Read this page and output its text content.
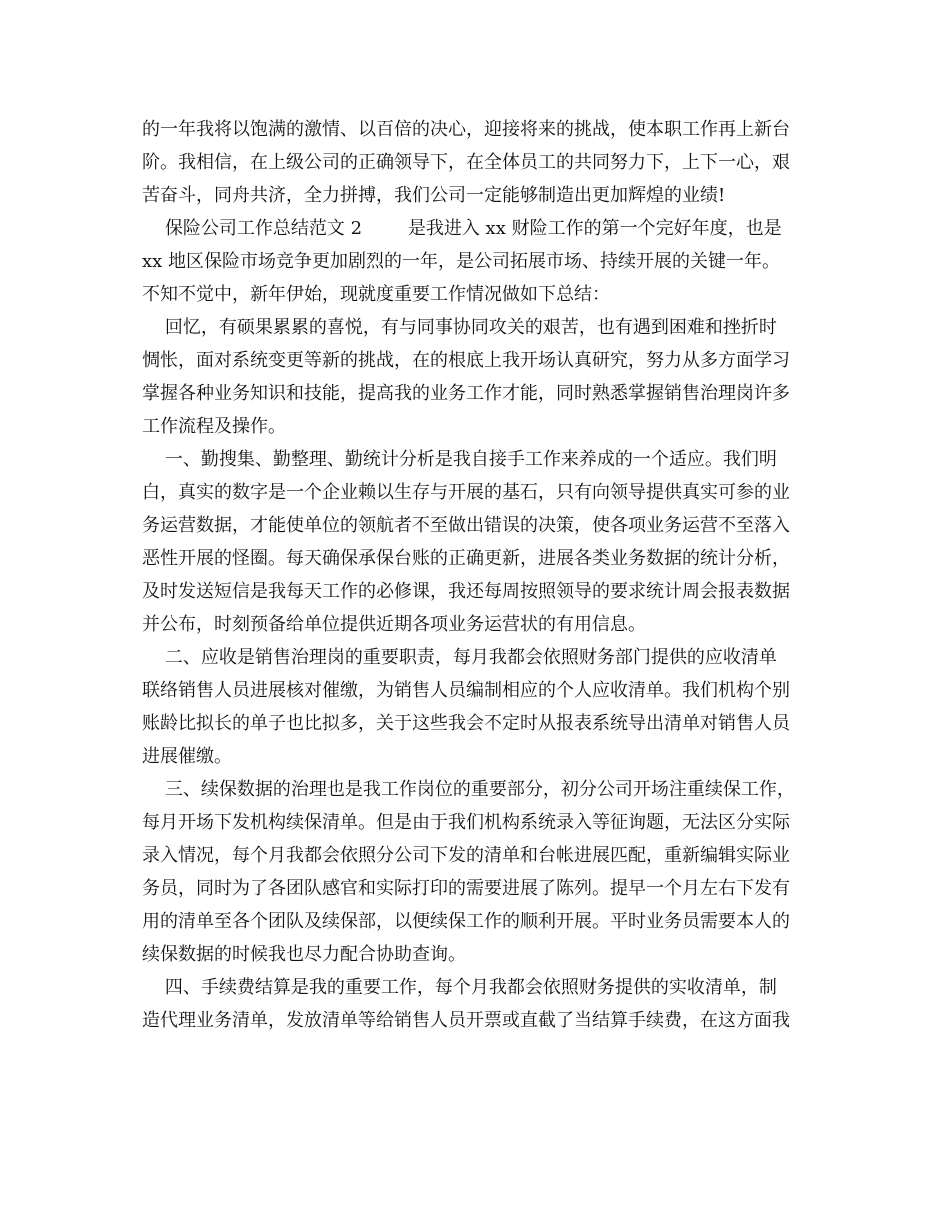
的一年我将以饱满的激情、以百倍的决心，迎接将来的挑战，使本职工作再上新台
阶。我相信，在上级公司的正确领导下，在全体员工的共同努力下，上下一心，艰
苦奋斗，同舟共济，全力拼搏，我们公司一定能够制造出更加辉煌的业绩!
保险公司工作总结范文 2        是我进入 xx 财险工作的第一个完好年度，也是
xx 地区保险市场竞争更加剧烈的一年，是公司拓展市场、持续开展的关键一年。
不知不觉中，新年伊始，现就度重要工作情况做如下总结：
回忆，有硕果累累的喜悦，有与同事协同攻关的艰苦，也有遇到困难和挫折时
惆怅，面对系统变更等新的挑战，在的根底上我开场认真研究，努力从多方面学习
掌握各种业务知识和技能，提高我的业务工作才能，同时熟悉掌握销售治理岗许多
工作流程及操作。
一、勤搜集、勤整理、勤统计分析是我自接手工作来养成的一个适应。我们明
白，真实的数字是一个企业赖以生存与开展的基石，只有向领导提供真实可参的业
务运营数据，才能使单位的领航者不至做出错误的决策，使各项业务运营不至落入
恶性开展的怪圈。每天确保承保台账的正确更新，进展各类业务数据的统计分析，
及时发送短信是我每天工作的必修课，我还每周按照领导的要求统计周会报表数据
并公布，时刻预备给单位提供近期各项业务运营状的有用信息。
二、应收是销售治理岗的重要职责，每月我都会依照财务部门提供的应收清单
联络销售人员进展核对催缴，为销售人员编制相应的个人应收清单。我们机构个别
账龄比拟长的单子也比拟多，关于这些我会不定时从报表系统导出清单对销售人员
进展催缴。
三、续保数据的治理也是我工作岗位的重要部分，初分公司开场注重续保工作，
每月开场下发机构续保清单。但是由于我们机构系统录入等征询题，无法区分实际
录入情况，每个月我都会依照分公司下发的清单和台帐进展匹配，重新编辑实际业
务员，同时为了各团队感官和实际打印的需要进展了陈列。提早一个月左右下发有
用的清单至各个团队及续保部，以便续保工作的顺利开展。平时业务员需要本人的
续保数据的时候我也尽力配合协助查询。
四、手续费结算是我的重要工作，每个月我都会依照财务提供的实收清单，制
造代理业务清单，发放清单等给销售人员开票或直截了当结算手续费，在这方面我
